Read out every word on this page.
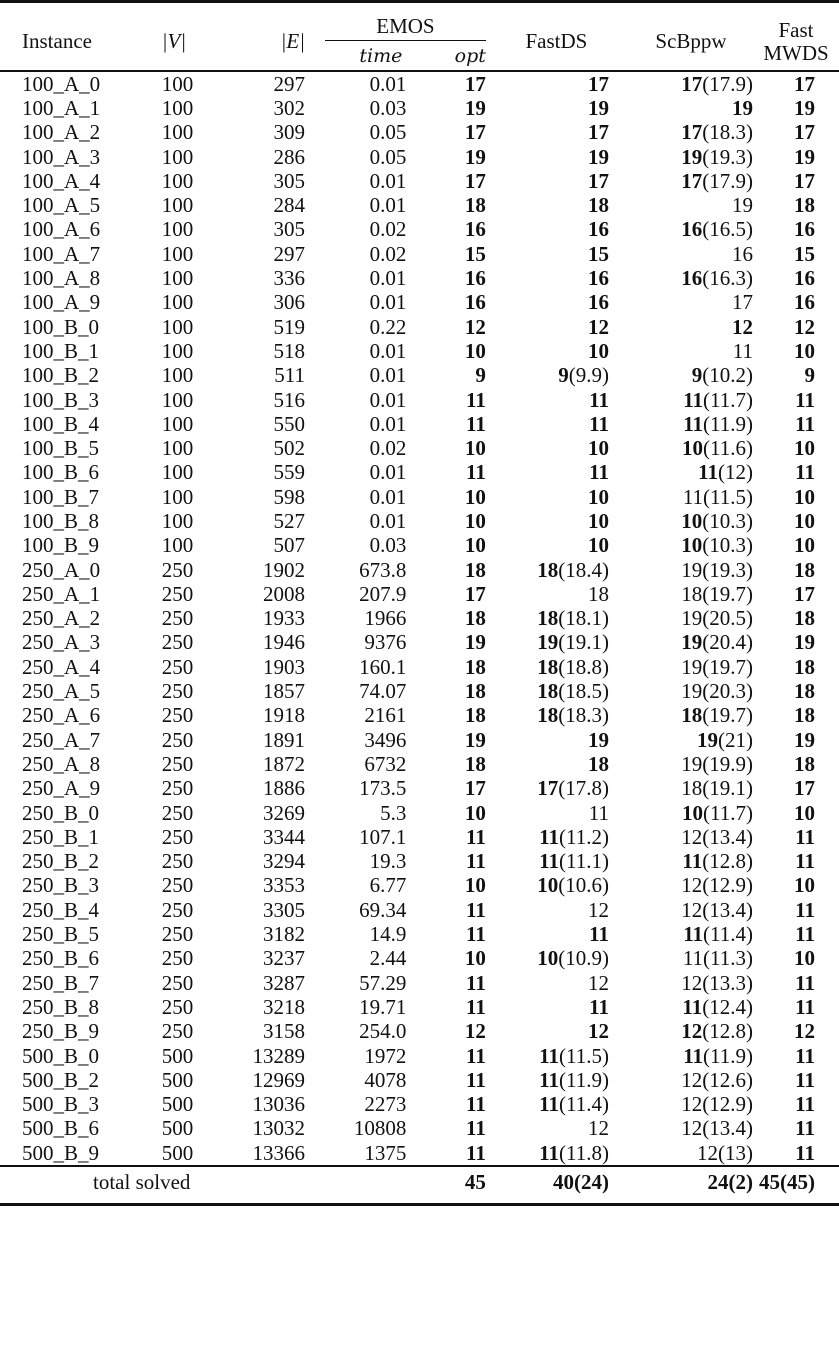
Instance	|V|	|E|	EMOS		FastDS	ScBppw	Fast
MWDS

			time	opt			

100_A_0	100	297	0.01	17	17	17(17.9)	17
100_A_1	100	302	0.03	19	19	19	19
100_A_2	100	309	0.05	17	17	17(18.3)	17
100_A_3	100	286	0.05	19	19	19(19.3)	19
100_A_4	100	305	0.01	17	17	17(17.9)	17
100_A_5	100	284	0.01	18	18	19	18
100_A_6	100	305	0.02	16	16	16(16.5)	16
100_A_7	100	297	0.02	15	15	16	15
100_A_8	100	336	0.01	16	16	16(16.3)	16
100_A_9	100	306	0.01	16	16	17	16
100_B_0	100	519	0.22	12	12	12	12
100_B_1	100	518	0.01	10	10	11	10
100_B_2	100	511	0.01	9	9(9.9)	9(10.2)	9
100_B_3	100	516	0.01	11	11	11(11.7)	11
100_B_4	100	550	0.01	11	11	11(11.9)	11
100_B_5	100	502	0.02	10	10	10(11.6)	10
100_B_6	100	559	0.01	11	11	11(12)	11
100_B_7	100	598	0.01	10	10	11(11.5)	10
100_B_8	100	527	0.01	10	10	10(10.3)	10
100_B_9	100	507	0.03	10	10	10(10.3)	10
250_A_0	250	1902	673.8	18	18(18.4)	19(19.3)	18
250_A_1	250	2008	207.9	17	18	18(19.7)	17
250_A_2	250	1933	1966	18	18(18.1)	19(20.5)	18
250_A_3	250	1946	9376	19	19(19.1)	19(20.4)	19
250_A_4	250	1903	160.1	18	18(18.8)	19(19.7)	18
250_A_5	250	1857	74.07	18	18(18.5)	19(20.3)	18
250_A_6	250	1918	2161	18	18(18.3)	18(19.7)	18
250_A_7	250	1891	3496	19	19	19(21)	19
250_A_8	250	1872	6732	18	18	19(19.9)	18
250_A_9	250	1886	173.5	17	17(17.8)	18(19.1)	17
250_B_0	250	3269	5.3	10	11	10(11.7)	10
250_B_1	250	3344	107.1	11	11(11.2)	12(13.4)	11
250_B_2	250	3294	19.3	11	11(11.1)	11(12.8)	11
250_B_3	250	3353	6.77	10	10(10.6)	12(12.9)	10
250_B_4	250	3305	69.34	11	12	12(13.4)	11
250_B_5	250	3182	14.9	11	11	11(11.4)	11
250_B_6	250	3237	2.44	10	10(10.9)	11(11.3)	10
250_B_7	250	3287	57.29	11	12	12(13.3)	11
250_B_8	250	3218	19.71	11	11	11(12.4)	11
250_B_9	250	3158	254.0	12	12	12(12.8)	12
500_B_0	500	13289	1972	11	11(11.5)	11(11.9)	11
500_B_2	500	12969	4078	11	11(11.9)	12(12.6)	11
500_B_3	500	13036	2273	11	11(11.4)	12(12.9)	11
500_B_6	500	13032	10808	11	12	12(13.4)	11
500_B_9	500	13366	1375	11	11(11.8)	12(13)	11

total solved				45	40(24)	24(2)	45(45)
